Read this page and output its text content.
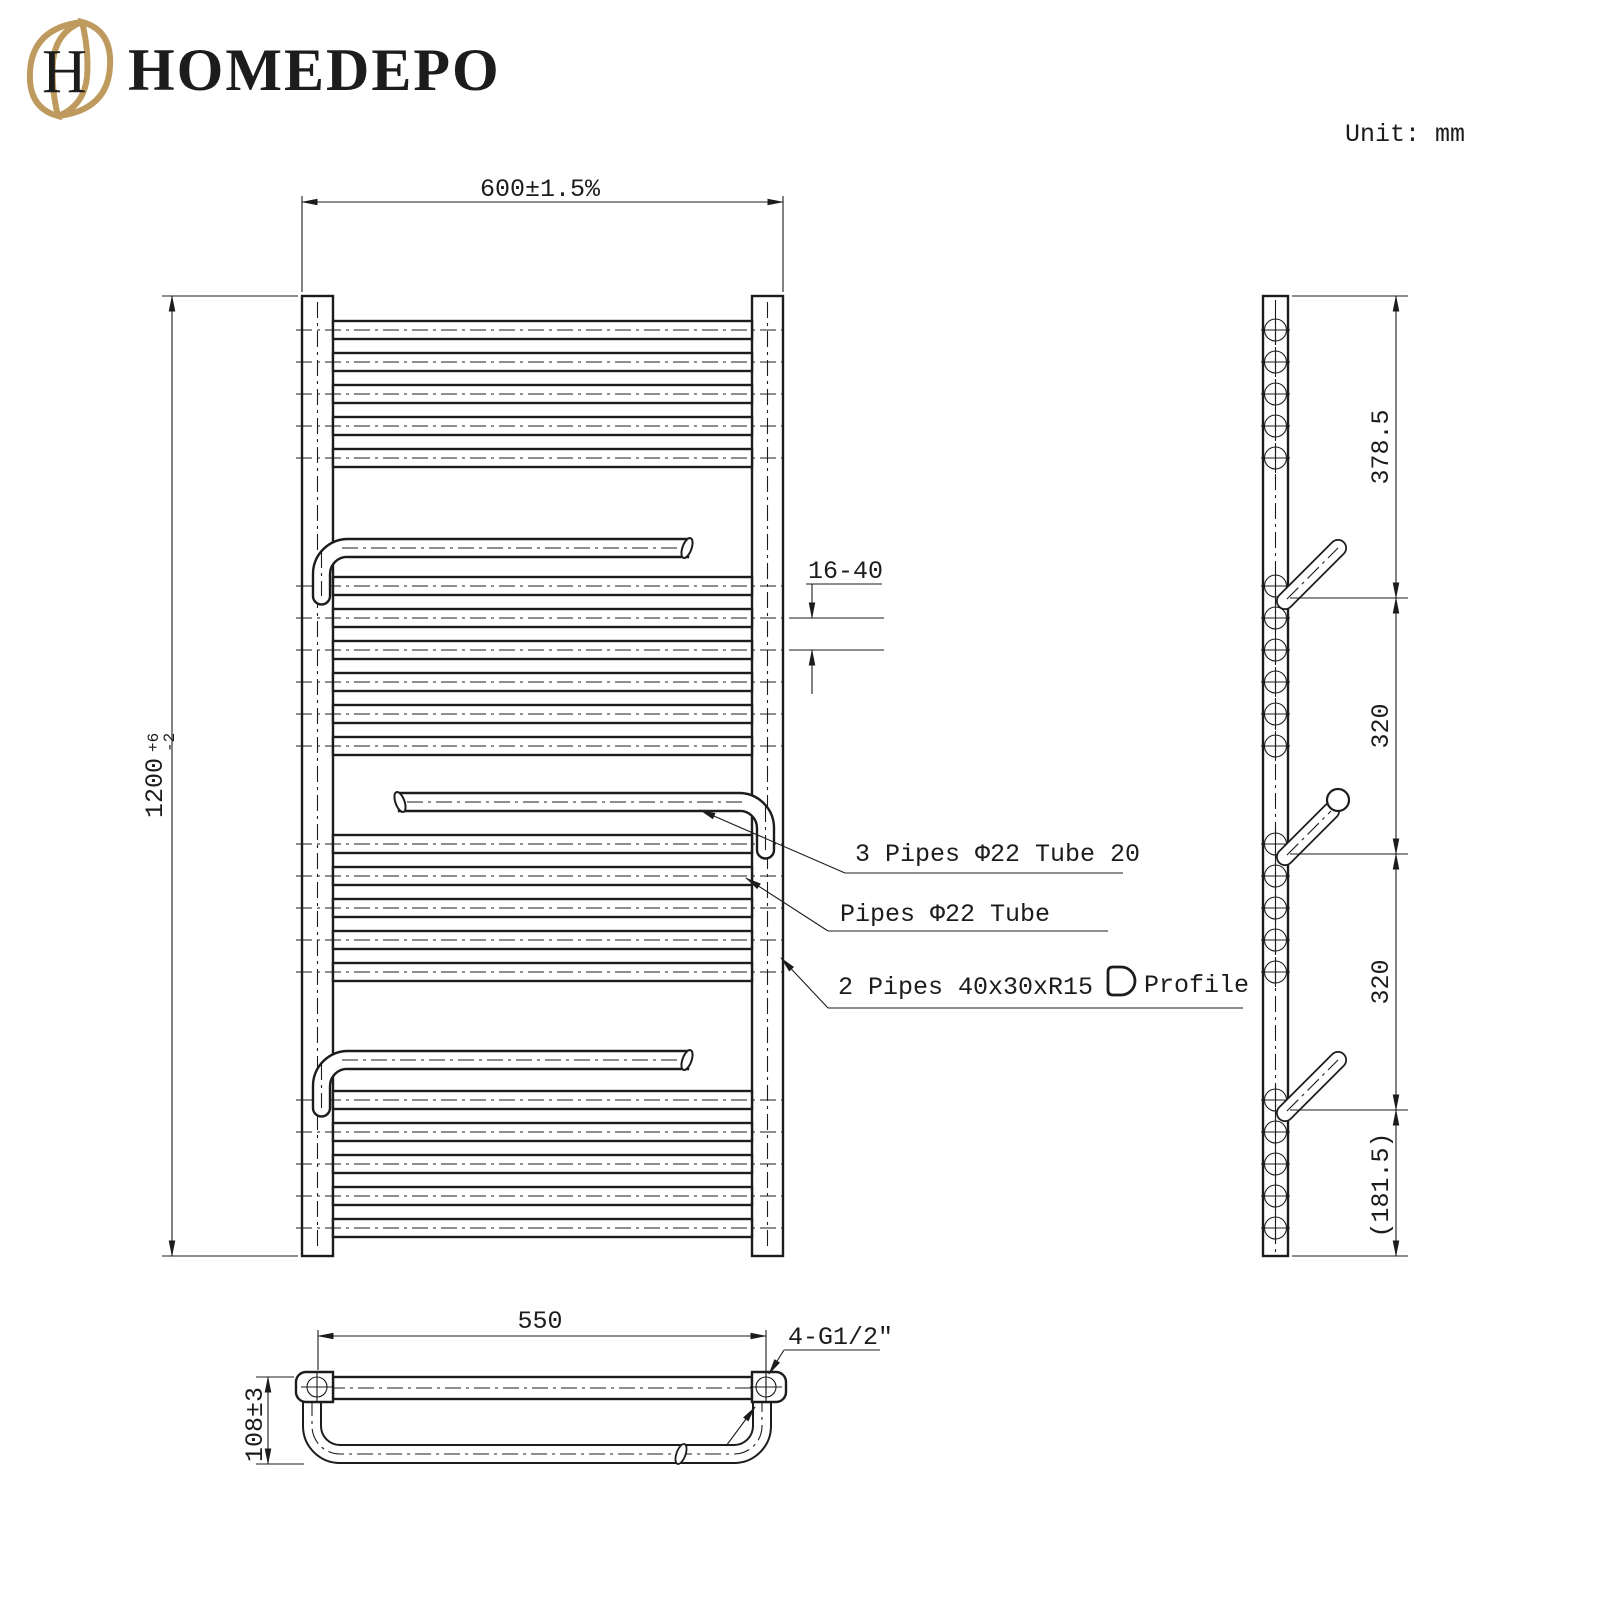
H HOMEDEPO
Unit: mm
600±1.5%
1200
+6
-2
16-40
3 Pipes Φ22 Tube 20
Pipes Φ22 Tube
2 Pipes 40x30xR15 Profile
378.5
320
320
(181.5)
550
108±3
4-G1/2″
